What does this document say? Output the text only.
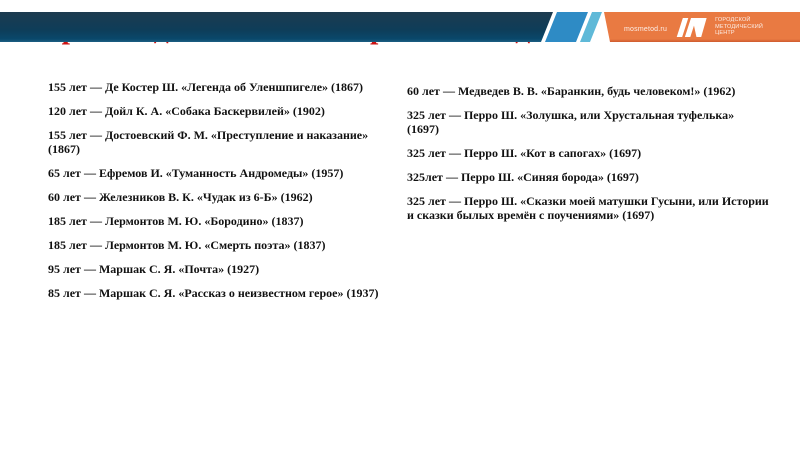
mosmetod.ru
ГОРОДСКОЙ
МЕТОДИЧЕСКИЙ
ЦЕНТР

155 лет — Де Костер Ш. «Легенда об Уленшпигеле» (1867)

120 лет — Дойл К. А. «Собака Баскервилей» (1902)

155 лет — Достоевский Ф. М. «Преступление и наказание» (1867)

65 лет — Ефремов И. «Туманность Андромеды» (1957)

60 лет — Железников В. К. «Чудак из 6-Б» (1962)

185 лет — Лермонтов М. Ю. «Бородино» (1837)

185 лет — Лермонтов М. Ю. «Смерть поэта» (1837)

95 лет — Маршак С. Я. «Почта» (1927)

85 лет — Маршак С. Я. «Рассказ о неизвестном герое» (1937)

60 лет — Медведев В. В. «Баранкин, будь человеком!» (1962)

325 лет — Перро Ш. «Золушка, или Хрустальная туфелька» (1697)

325 лет — Перро Ш. «Кот в сапогах» (1697)

325лет — Перро Ш. «Синяя борода» (1697)

325 лет — Перро Ш. «Сказки моей матушки Гусыни, или Истории и сказки былых времён с поучениями» (1697)
